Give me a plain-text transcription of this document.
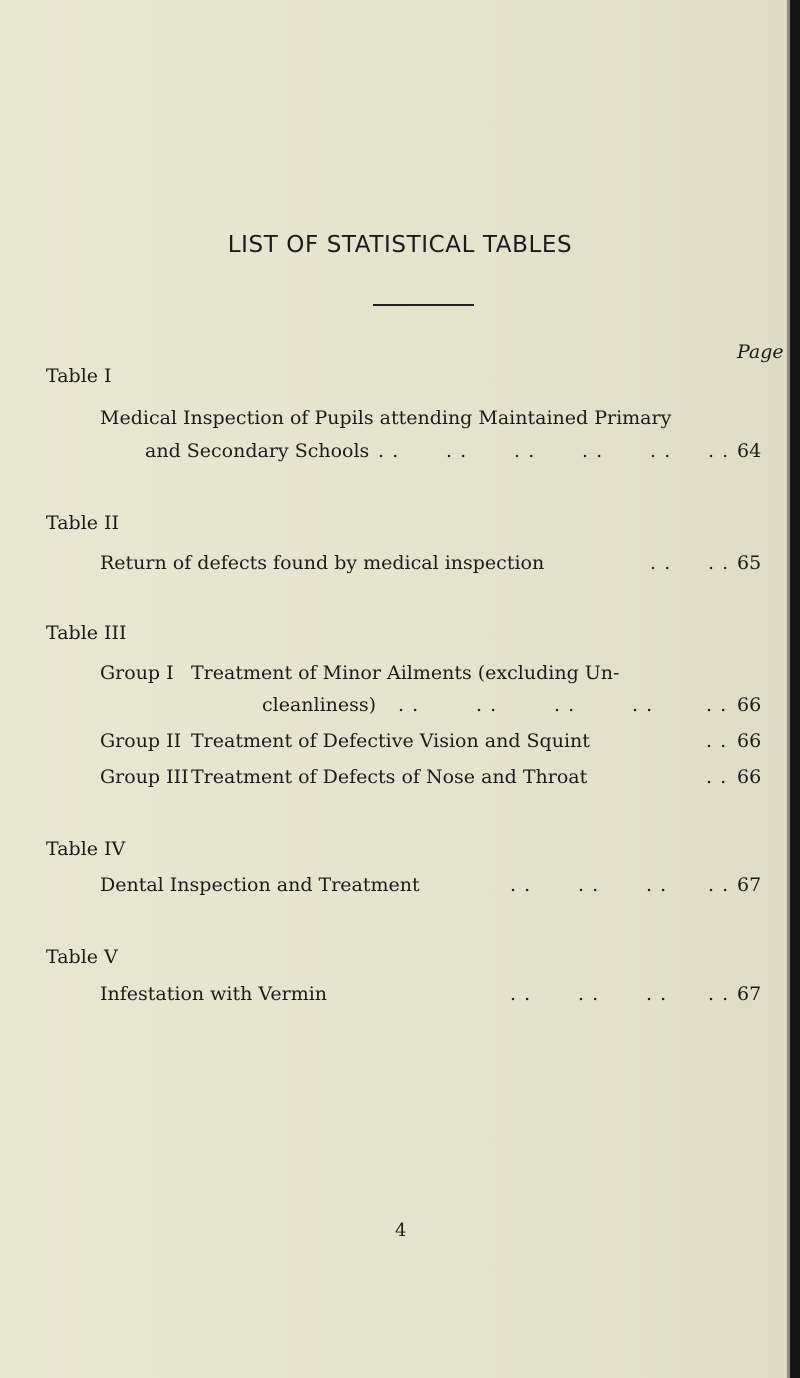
LIST OF STATISTICAL TABLES
Page
Table I
Medical Inspection of Pupils attending Maintained Primary
and Secondary Schools . . . . . . . . . . . . 64
Table II
Return of defects found by medical inspection	. . . . 65
Table III
Group I Treatment of Minor Ailments (excluding Un-
cleanliness) . .	. .	. .	. .	. . 66
Group II Treatment of Defective Vision and Squint	. . 66
Group III Treatment of Defects of Nose and Throat	. . 66
Table IV
Dental Inspection and Treatment	. . . . . . . . 67
Table V
Infestation with Vermin	. . . . . . . . 67
4
